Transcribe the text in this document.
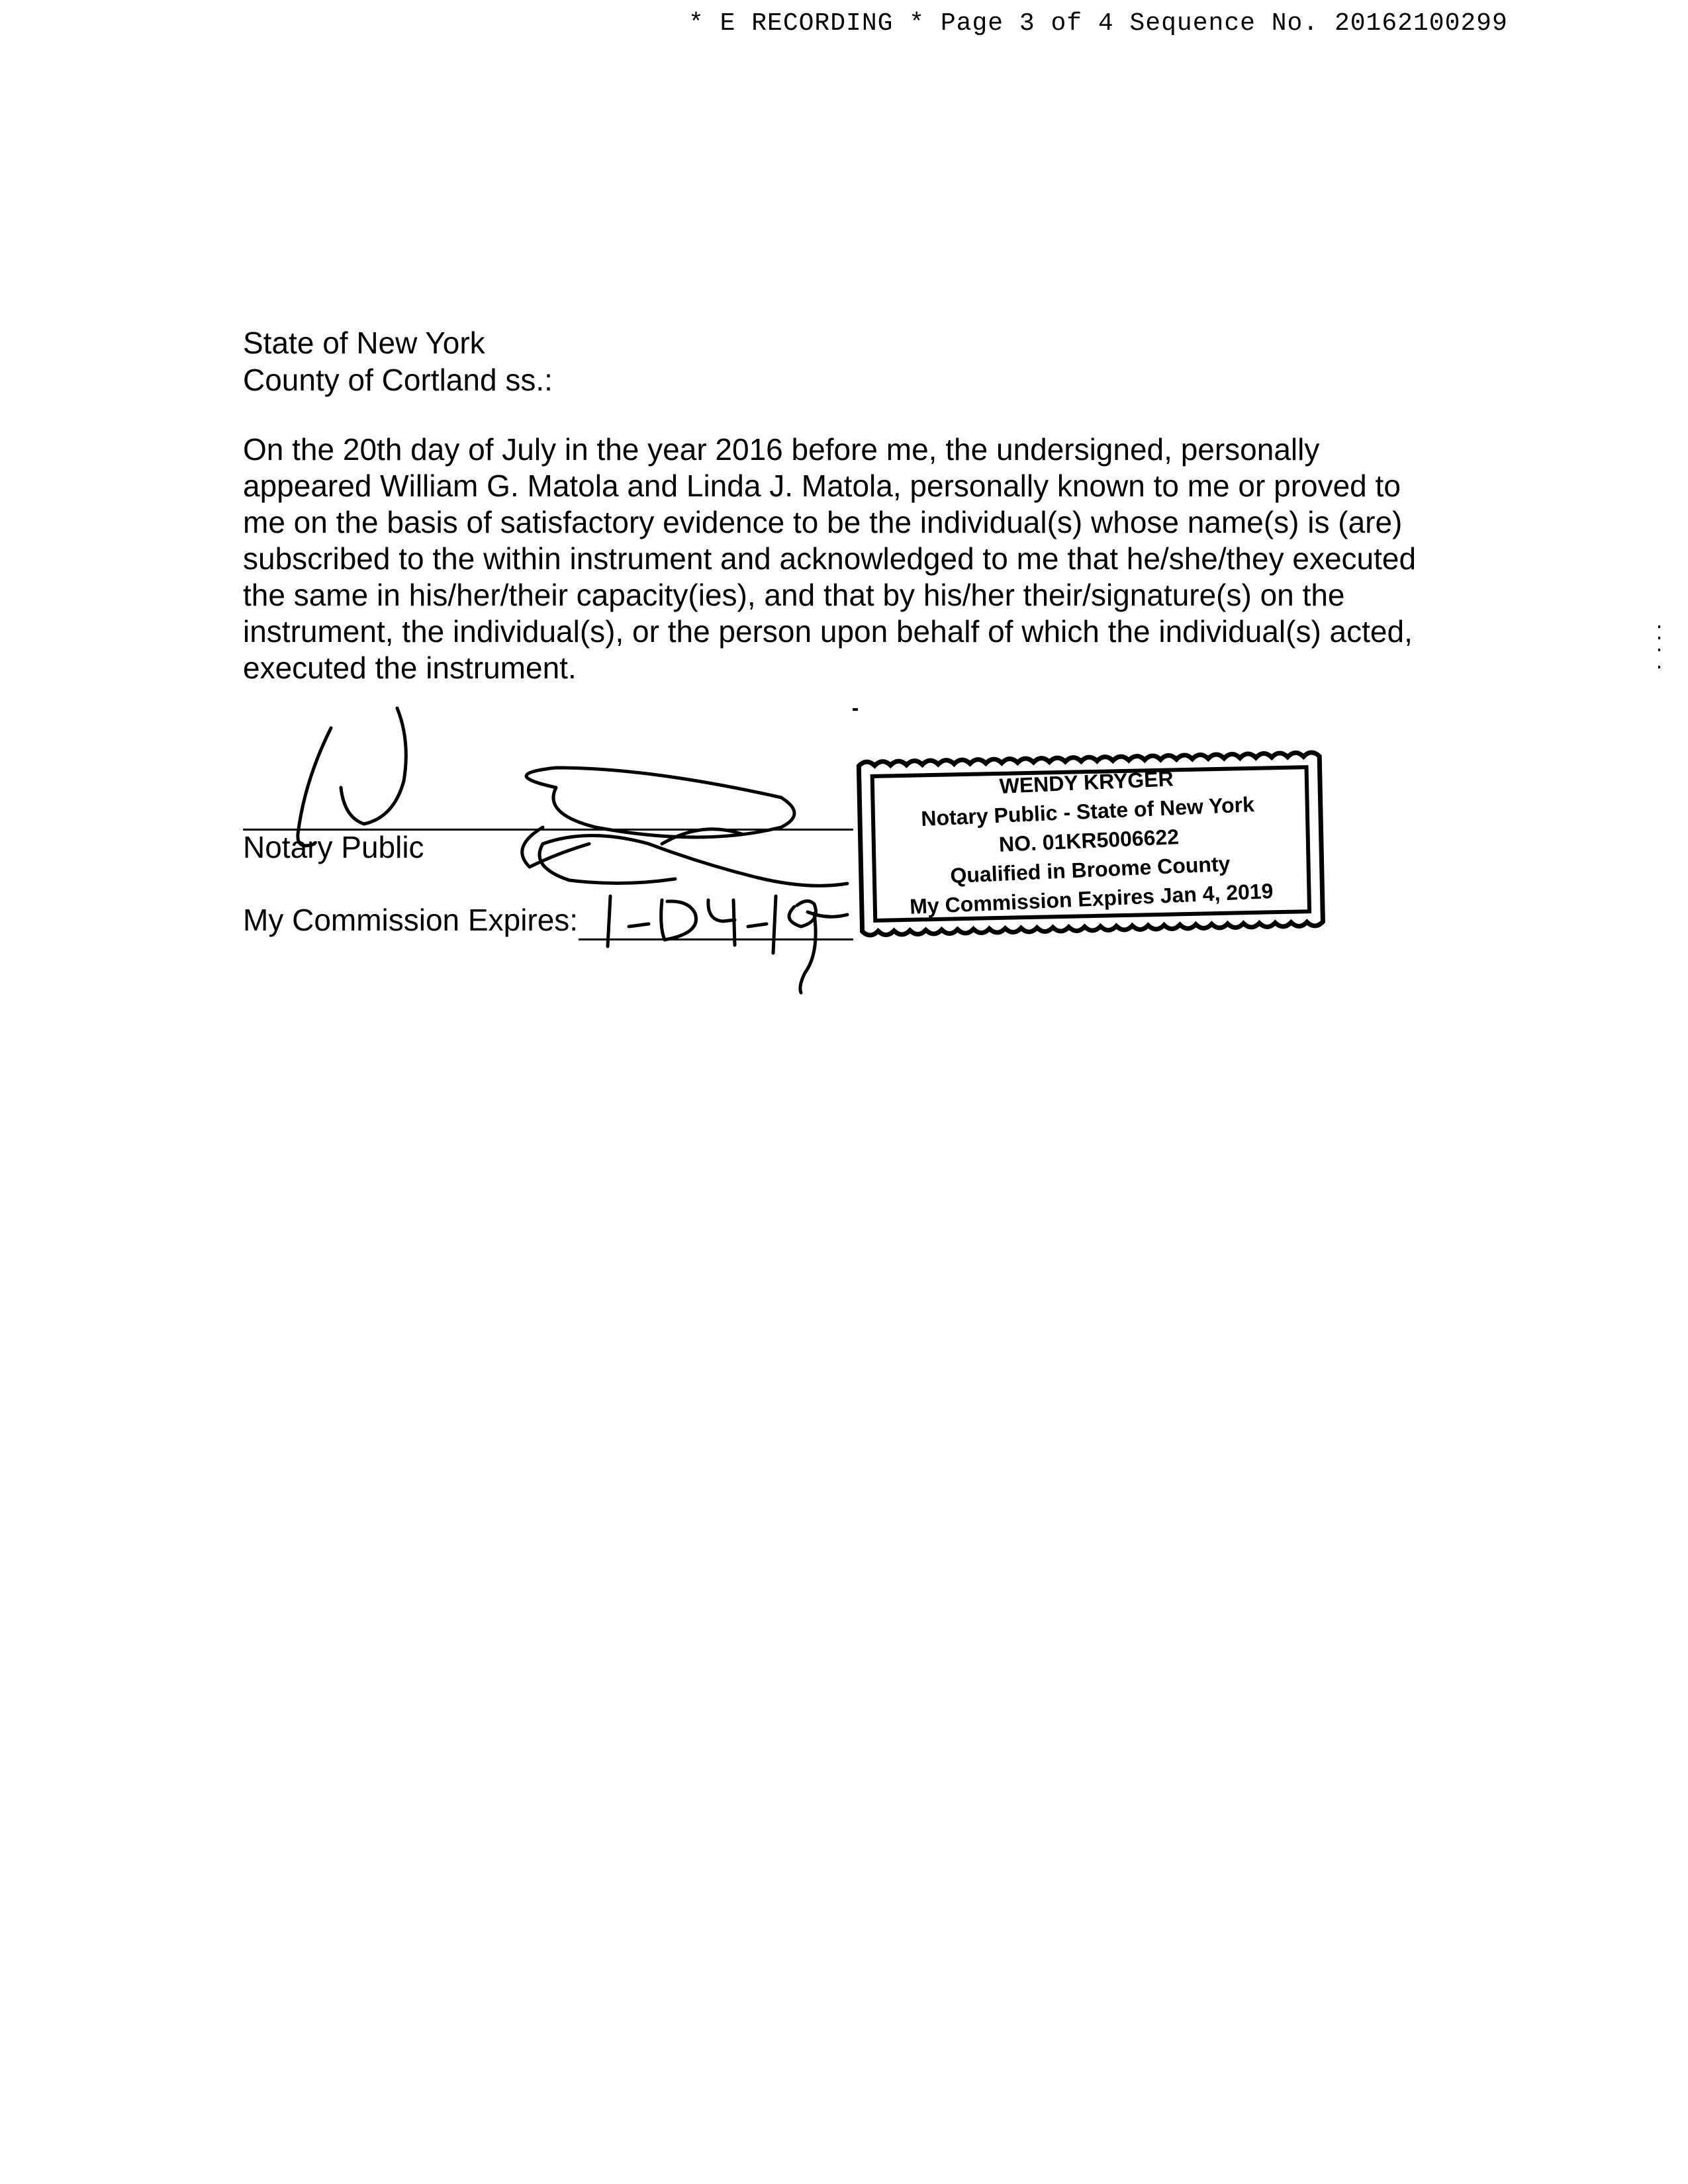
* E RECORDING * Page 3 of 4 Sequence No. 20162100299
State of New York
County of Cortland ss.:
On the 20th day of July in the year 2016 before me, the undersigned, personally
appeared William G. Matola and Linda J. Matola, personally known to me or proved to
me on the basis of satisfactory evidence to be the individual(s) whose name(s) is (are)
subscribed to the within instrument and acknowledged to me that he/she/they executed
the same in his/her/their capacity(ies), and that by his/her their/signature(s) on the
instrument, the individual(s), or the person upon behalf of which the individual(s) acted,
executed the instrument.
Notary Public
My Commission Expires:
WENDY KRYGER
Notary Public - State of New York
NO. 01KR5006622
Qualified in Broome County
My Commission Expires Jan 4, 2019
